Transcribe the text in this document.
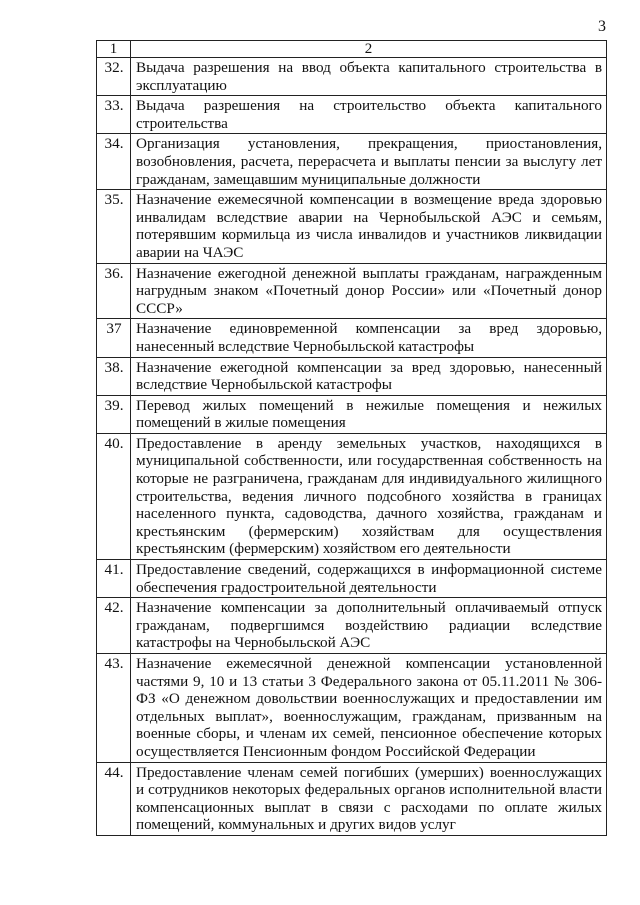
3
1	2
32.	Выдача разрешения на ввод объекта капитального строительства в эксплуатацию
33.	Выдача разрешения на строительство объекта капитального строительства
34.	Организация установления, прекращения, приостановления, возобновления, расчета, перерасчета и выплаты пенсии за выслугу лет гражданам, замещавшим муниципальные должности
35.	Назначение ежемесячной компенсации в возмещение вреда здоровью инвалидам вследствие аварии на Чернобыльской АЭС и семьям, потерявшим кормильца из числа инвалидов и участников ликвидации аварии на ЧАЭС
36.	Назначение ежегодной денежной выплаты гражданам, награжденным нагрудным знаком «Почетный донор России» или «Почетный донор СССР»
37	Назначение единовременной компенсации за вред здоровью, нанесенный вследствие Чернобыльской катастрофы
38.	Назначение ежегодной компенсации за вред здоровью, нанесенный вследствие Чернобыльской катастрофы
39.	Перевод жилых помещений в нежилые помещения и нежилых помещений в жилые помещения
40.	Предоставление в аренду земельных участков, находящихся в муниципальной собственности, или государственная собственность на которые не разграничена, гражданам для индивидуального жилищного строительства, ведения личного подсобного хозяйства в границах населенного пункта, садоводства, дачного хозяйства, гражданам и крестьянским (фермерским) хозяйствам для осуществления крестьянским (фермерским) хозяйством его деятельности
41.	Предоставление сведений, содержащихся в информационной системе обеспечения градостроительной деятельности
42.	Назначение компенсации за дополнительный оплачиваемый отпуск гражданам, подвергшимся воздействию радиации вследствие катастрофы на Чернобыльской АЭС
43.	Назначение ежемесячной денежной компенсации установленной частями 9, 10 и 13 статьи 3 Федерального закона от 05.11.2011 № 306-ФЗ «О денежном довольствии военнослужащих и предоставлении им отдельных выплат», военнослужащим, гражданам, призванным на военные сборы, и членам их семей, пенсионное обеспечение которых осуществляется Пенсионным фондом Российской Федерации
44.	Предоставление членам семей погибших (умерших) военнослужащих и сотрудников некоторых федеральных органов исполнительной власти компенсационных выплат в связи с расходами по оплате жилых помещений, коммунальных и других видов услуг
